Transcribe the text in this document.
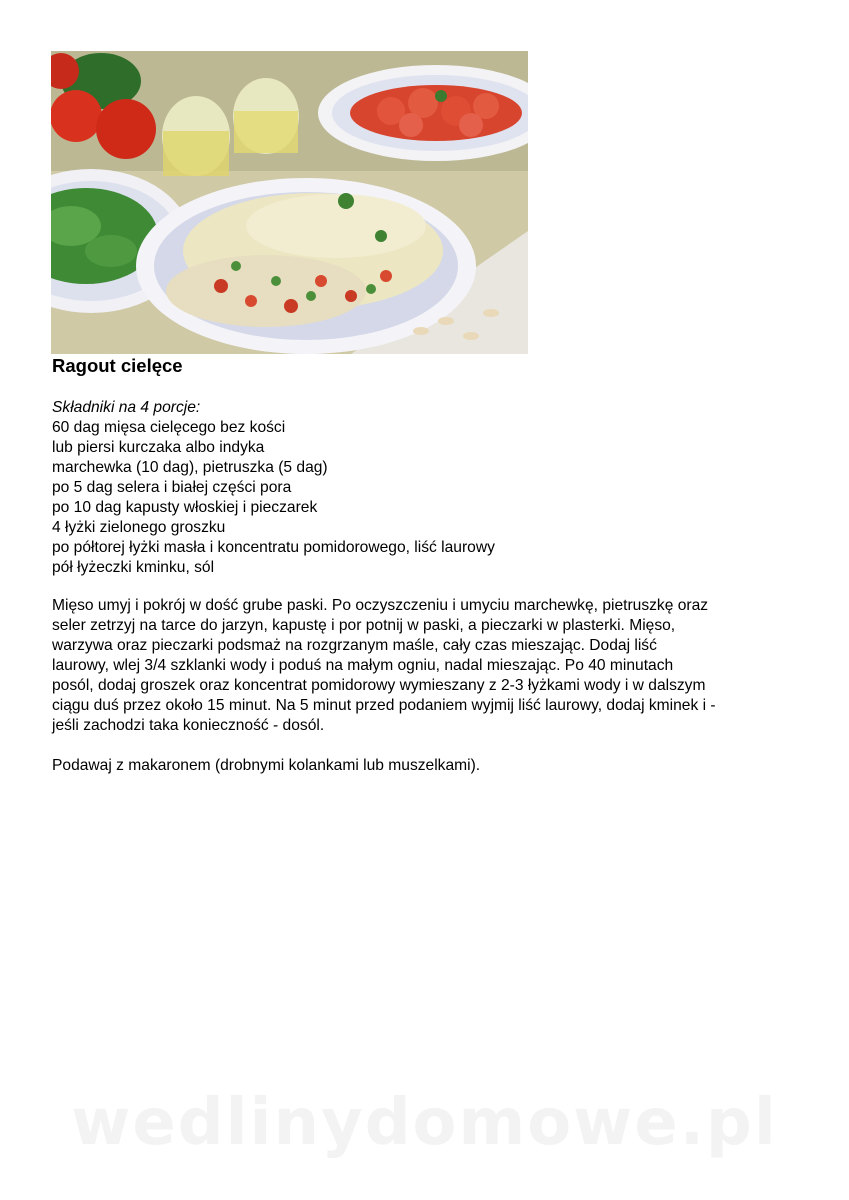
Ragout cielęce
Składniki na 4 porcje:
60 dag mięsa cielęcego bez kości
lub piersi kurczaka albo indyka
marchewka (10 dag), pietruszka (5 dag)
po 5 dag selera i białej części pora
po 10 dag kapusty włoskiej i pieczarek
4 łyżki zielonego groszku
po półtorej łyżki masła i koncentratu pomidorowego, liść laurowy
pół łyżeczki kminku, sól
Mięso umyj i pokrój w dość grube paski. Po oczyszczeniu i umyciu marchewkę, pietruszkę oraz
seler zetrzyj na tarce do jarzyn, kapustę i por potnij w paski, a pieczarki w plasterki. Mięso,
warzywa oraz pieczarki podsmaż na rozgrzanym maśle, cały czas mieszając. Dodaj liść
laurowy, wlej 3/4 szklanki wody i poduś na małym ogniu, nadal mieszając. Po 40 minutach
posól, dodaj groszek oraz koncentrat pomidorowy wymieszany z 2-3 łyżkami wody i w dalszym
ciągu duś przez około 15 minut. Na 5 minut przed podaniem wyjmij liść laurowy, dodaj kminek i -
jeśli zachodzi taka konieczność - dosól.
Podawaj z makaronem (drobnymi kolankami lub muszelkami).
wedlinydomowe.pl
